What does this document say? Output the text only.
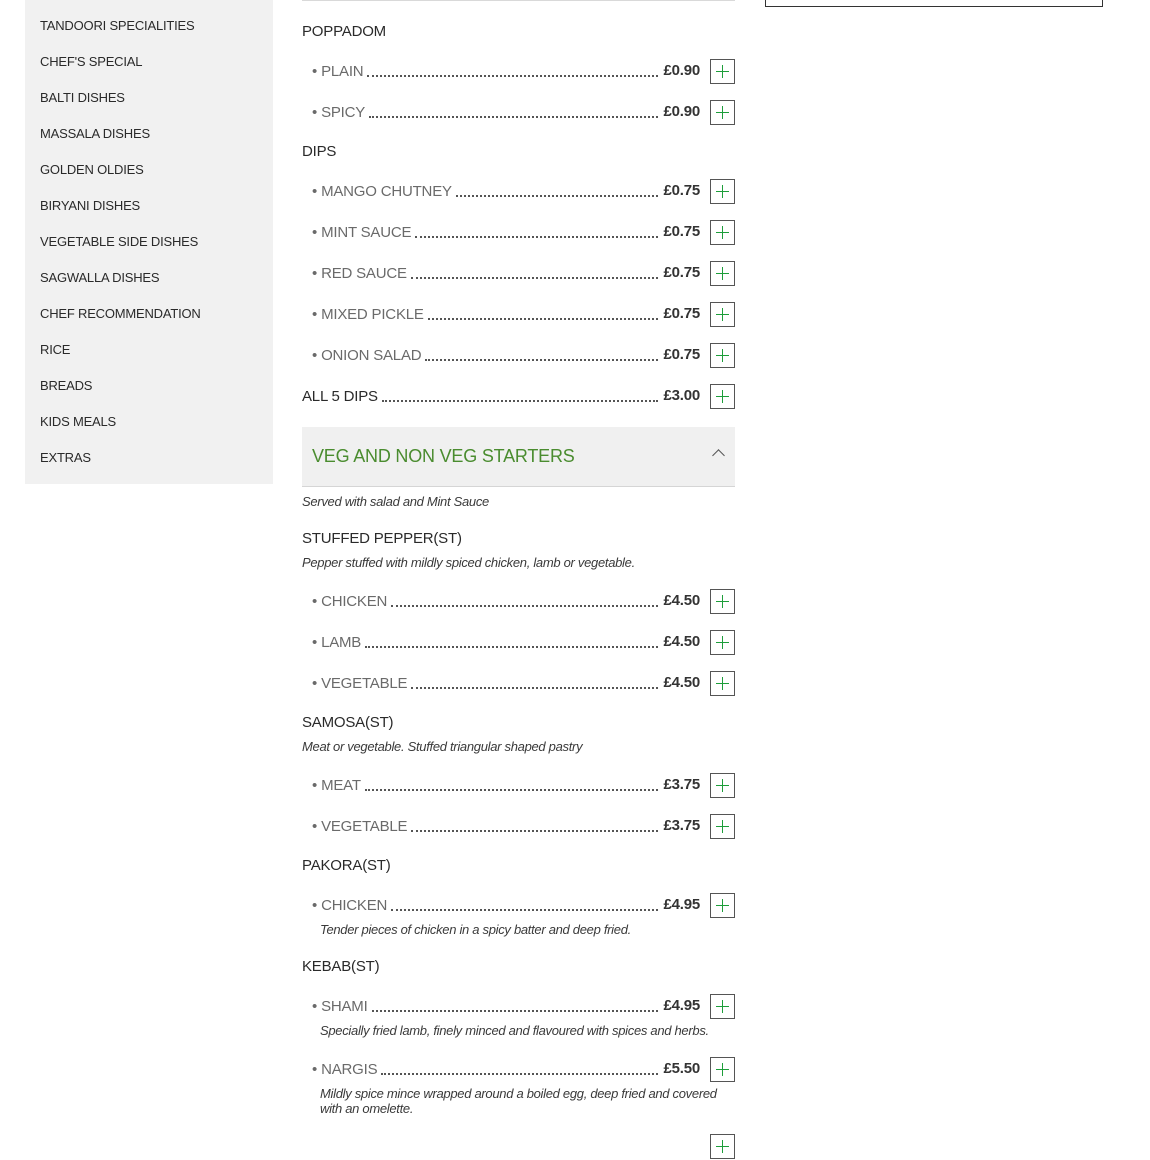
TANDOORI SPECIALITIES
CHEF'S SPECIAL
BALTI DISHES
MASSALA DISHES
GOLDEN OLDIES
BIRYANI DISHES
VEGETABLE SIDE DISHES
SAGWALLA DISHES
CHEF RECOMMENDATION
RICE
BREADS
KIDS MEALS
EXTRAS
POPPADOM
• PLAIN	£0.90
• SPICY	£0.90
DIPS
• MANGO CHUTNEY	£0.75
• MINT SAUCE	£0.75
• RED SAUCE	£0.75
• MIXED PICKLE	£0.75
• ONION SALAD	£0.75
ALL 5 DIPS	£3.00
VEG AND NON VEG STARTERS
Served with salad and Mint Sauce
STUFFED PEPPER(ST)
Pepper stuffed with mildly spiced chicken, lamb or vegetable.
• CHICKEN	£4.50
• LAMB	£4.50
• VEGETABLE	£4.50
SAMOSA(ST)
Meat or vegetable. Stuffed triangular shaped pastry
• MEAT	£3.75
• VEGETABLE	£3.75
PAKORA(ST)
• CHICKEN	£4.95
Tender pieces of chicken in a spicy batter and deep fried.
KEBAB(ST)
• SHAMI	£4.95
Specially fried lamb, finely minced and flavoured with spices and herbs.
• NARGIS	£5.50
Mildly spice mince wrapped around a boiled egg, deep fried and covered with an omelette.
